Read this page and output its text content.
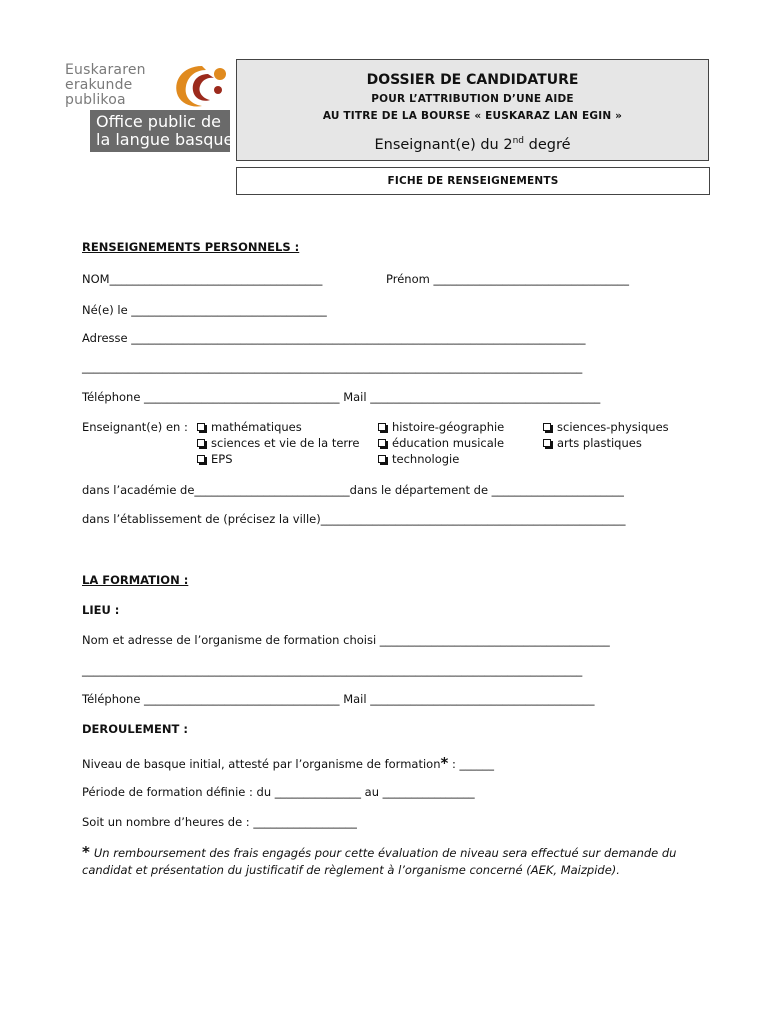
Euskararen
erakunde
publikoa
Office public de
la langue basque
DOSSIER DE CANDIDATURE
POUR L’ATTRIBUTION D’UNE AIDE
AU TITRE DE LA BOURSE « EUSKARAZ LAN EGIN »
Enseignant(e) du 2nd degré
FICHE DE RENSEIGNEMENTS
RENSEIGNEMENTS PERSONNELS :
NOM_____________________________________	Prénom __________________________________
Né(e) le __________________________________
Adresse _______________________________________________________________________________
_______________________________________________________________________________________
Téléphone __________________________________ Mail ________________________________________
Enseignant(e) en :	mathématiques
sciences et vie de la terre
EPS
histoire-géographie
éducation musicale
technologie
sciences-physiques
arts plastiques
dans l’académie de___________________________dans le département de _______________________
dans l’établissement de (précisez la ville)_____________________________________________________
LA FORMATION :
LIEU :
Nom et adresse de l’organisme de formation choisi ________________________________________
_______________________________________________________________________________________
Téléphone __________________________________ Mail _______________________________________
DEROULEMENT :
Niveau de basque initial, attesté par l’organisme de formation* : ______
Période de formation définie : du _______________ au ________________
Soit un nombre d’heures de : __________________
* Un remboursement des frais engagés pour cette évaluation de niveau sera effectué sur demande du candidat et présentation du justificatif de règlement à l’organisme concerné (AEK, Maizpide).
